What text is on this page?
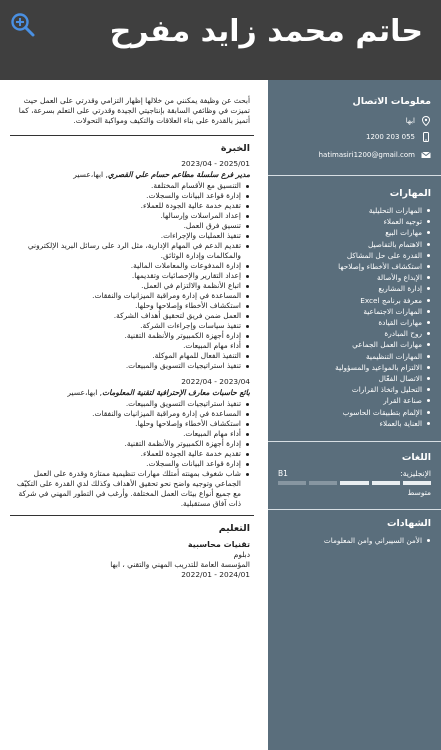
حاتم محمد زايد مفرح
معلومات الاتصال
ابها
1200 203 055
hatimasiri1200@gmail.com
المهارات
المهارات التحليلية
توجيه العملاء
مهارات البيع
الاهتمام بالتفاصيل
القدرة على حل المشاكل
استكشاف الأخطاء وإصلاحها
الإبداع والأصالة
إدارة المشاريع
معرفة برنامج Excel
المهارات الاجتماعية
مهارات القيادة
روح المبادرة
مهارات العمل الجماعي
المهارات التنظيمية
الالتزام بالمواعيد والمسؤولية
الاتصال الفعّال
التحليل واتخاذ القرارات
صناعة القرار
الإلمام بتطبيقات الحاسوب
العناية بالعملاء
اللغات
الإنجليزية:
B1
متوسط
الشهادات
الأمن السيبراني وامن المعلومات

أبحث عن وظيفة يمكنني من خلالها إظهار التزامي وقدرتي على العمل حيث تميزت في وظائفي السابقة بإنتاجيتي الجيدة وقدرتي على التعلم بسرعة، كما أتميز بالقدرة على بناء العلاقات والتكيف ومواكبة التحولات.

الخبرة
2023/04 - 2025/01
مدير فرع سلسلة مطاعم حسام علي القصري, ابها،عسير
التنسيق مع الأقسام المختلفة.
إدارة قواعد البيانات والسجلات.
تقديم خدمة عالية الجودة للعملاء.
إعداد المراسلات وإرسالها.
تنسيق فرق العمل.
تنفيذ العمليات والإجراءات.
تقديم الدعم في المهام الإدارية، مثل الرد على رسائل البريد الإلكتروني والمكالمات وإدارة الوثائق.
إدارة المدفوعات والمعاملات المالية.
إعداد التقارير والإحصائيات وتقديمها.
اتباع الأنظمة والالتزام في العمل.
المساعدة في إدارة ومراقبة الميزانيات والنفقات.
استكشاف الأخطاء وإصلاحها وحلها.
العمل ضمن فريق لتحقيق أهداف الشركة.
تنفيذ سياسات وإجراءات الشركة.
إدارة أجهزة الكمبيوتر والأنظمة التقنية.
أداء مهام المبيعات.
التنفيذ الفعال للمهام الموكلة.
تنفيذ استراتيجيات التسويق والمبيعات.
2022/04 - 2023/04
بائع حاسبات معارف الإحترافية لتقنية المعلومات, ابها،عسير
تنفيذ استراتيجيات التسويق والمبيعات.
المساعدة في إدارة ومراقبة الميزانيات والنفقات.
استكشاف الأخطاء وإصلاحها وحلها.
أداء مهام المبيعات.
إدارة أجهزة الكمبيوتر والأنظمة التقنية.
تقديم خدمة عالية الجودة للعملاء.
إدارة قواعد البيانات والسجلات.
شاب شغوف بمهنته أمتلك مهارات تنظيمية ممتازة وقدرة على العمل الجماعي وتوجيه واضح نحو تحقيق الأهداف وكذلك لدي القدرة على التكيّف مع جميع أنواع بيئات العمل المختلفة. وأرغب في التطور المهني في شركة ذات آفاق مستقبلية.
التعليم
تقنيات محاسبية
دبلوم
المؤسسة العامة للتدريب المهني والتقني ، ابها
2022/01 - 2024/01
